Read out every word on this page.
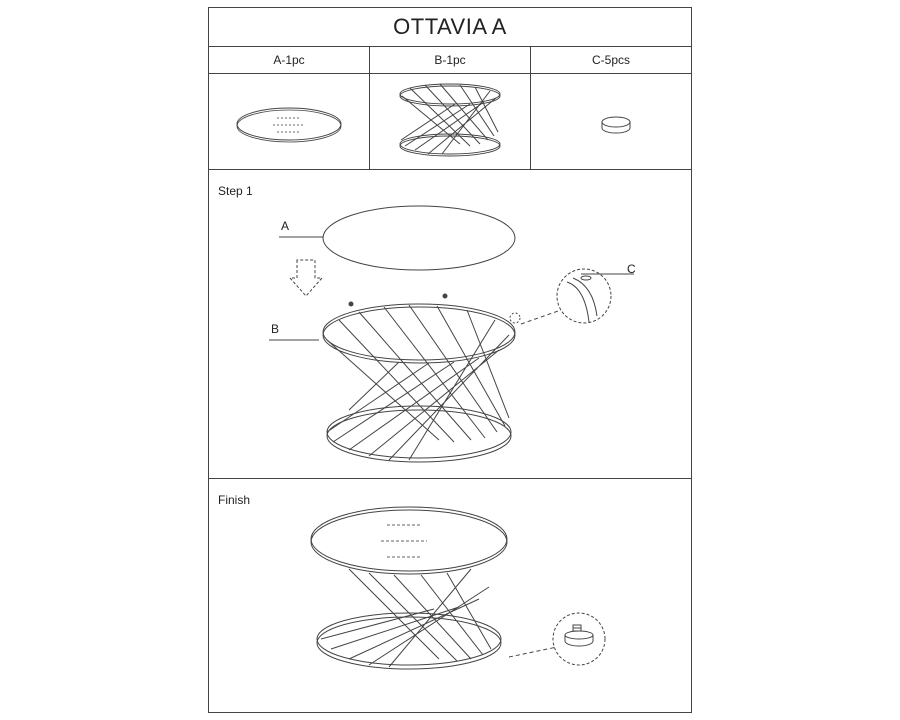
OTTAVIA A
A-1pc	B-1pc	C-5pcs
Step 1
A
B
C
Finish
